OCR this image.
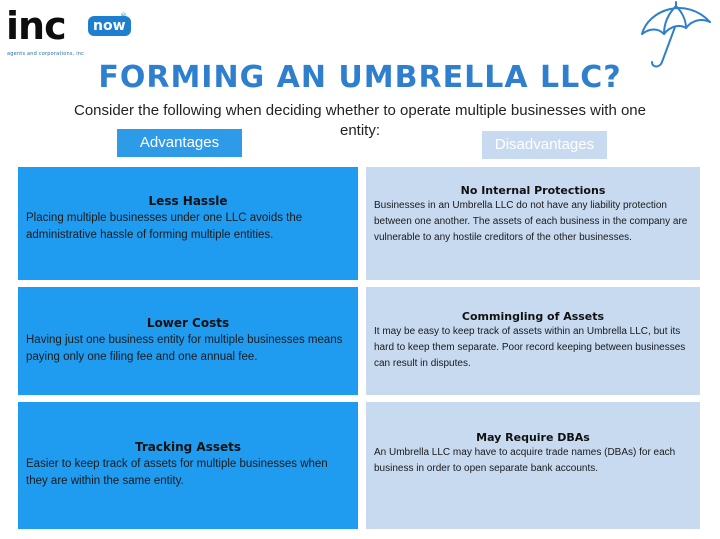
inc	now
®
agents and corporations, inc
FORMING AN UMBRELLA LLC?
Consider the following when deciding whether to operate multiple businesses with one entity:
Advantages	Disadvantages
Less Hassle
Placing multiple businesses under one LLC avoids the administrative hassle of forming multiple entities.
Lower Costs
Having just one business entity for multiple businesses means paying only one filing fee and one annual fee.
Tracking Assets
Easier to keep track of assets for multiple businesses when they are within the same entity.
No Internal Protections
Businesses in an Umbrella LLC do not have any liability protection between one another. The assets of each business in the company are vulnerable to any hostile creditors of the other businesses.
Commingling of Assets
It may be easy to keep track of assets within an Umbrella LLC, but its hard to keep them separate. Poor record keeping between businesses can result in disputes.
May Require DBAs
An Umbrella LLC may have to acquire trade names (DBAs) for each business in order to open separate bank accounts.
